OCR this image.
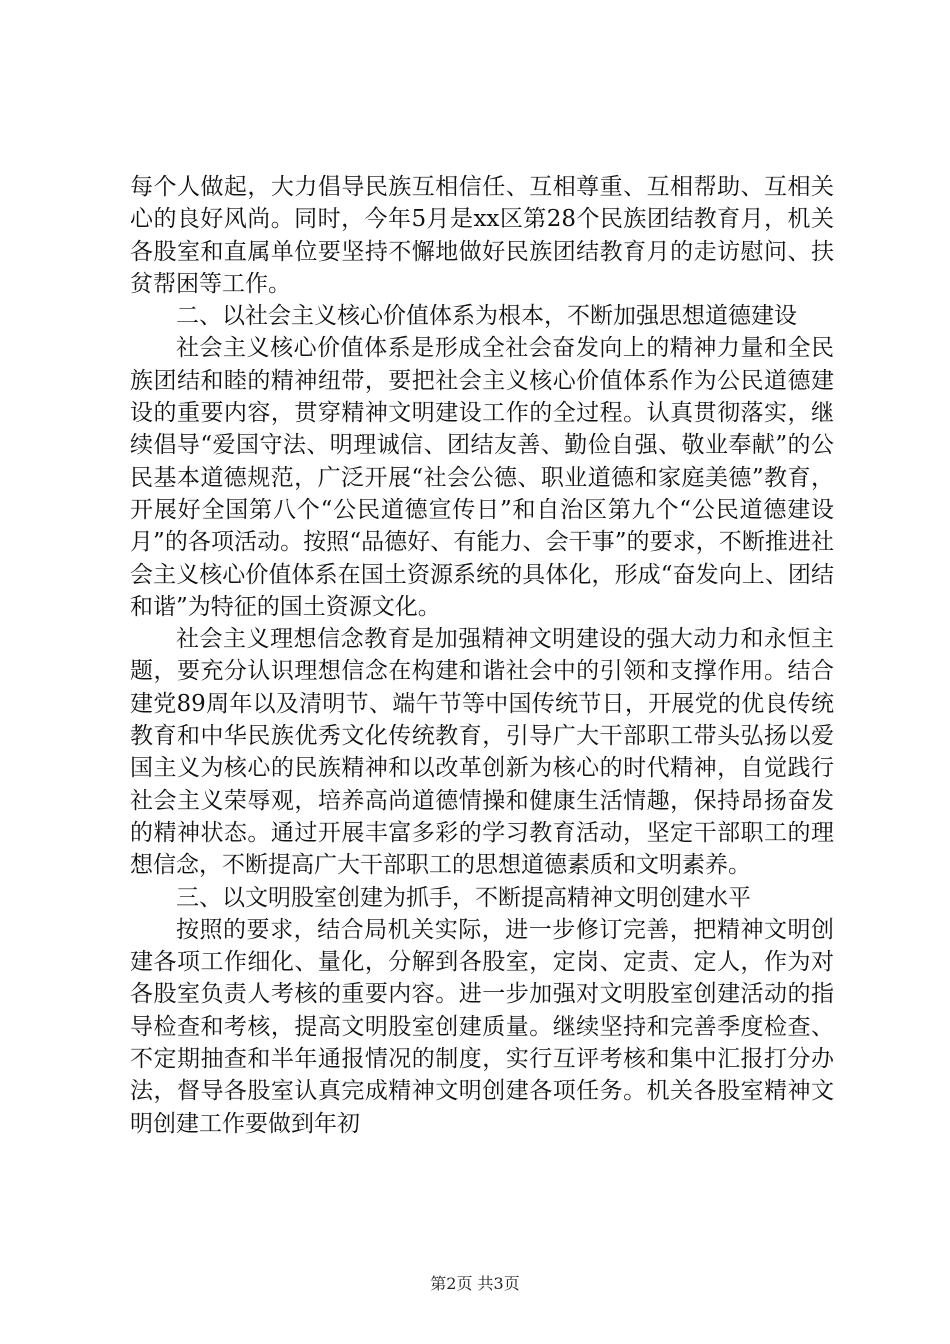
每个人做起，大力倡导民族互相信任、互相尊重、互相帮助、互相关心的良好风尚。同时，今年5月是xx区第28个民族团结教育月，机关各股室和直属单位要坚持不懈地做好民族团结教育月的走访慰问、扶贫帮困等工作。

二、以社会主义核心价值体系为根本，不断加强思想道德建设

社会主义核心价值体系是形成全社会奋发向上的精神力量和全民族团结和睦的精神纽带，要把社会主义核心价值体系作为公民道德建设的重要内容，贯穿精神文明建设工作的全过程。认真贯彻落实，继续倡导“爱国守法、明理诚信、团结友善、勤俭自强、敬业奉献”的公民基本道德规范，广泛开展“社会公德、职业道德和家庭美德”教育，开展好全国第八个“公民道德宣传日”和自治区第九个“公民道德建设月”的各项活动。按照“品德好、有能力、会干事”的要求，不断推进社会主义核心价值体系在国土资源系统的具体化，形成“奋发向上、团结和谐”为特征的国土资源文化。

社会主义理想信念教育是加强精神文明建设的强大动力和永恒主题，要充分认识理想信念在构建和谐社会中的引领和支撑作用。结合建党89周年以及清明节、端午节等中国传统节日，开展党的优良传统教育和中华民族优秀文化传统教育，引导广大干部职工带头弘扬以爱国主义为核心的民族精神和以改革创新为核心的时代精神，自觉践行社会主义荣辱观，培养高尚道德情操和健康生活情趣，保持昂扬奋发的精神状态。通过开展丰富多彩的学习教育活动，坚定干部职工的理想信念，不断提高广大干部职工的思想道德素质和文明素养。

三、以文明股室创建为抓手，不断提高精神文明创建水平

按照的要求，结合局机关实际，进一步修订完善，把精神文明创建各项工作细化、量化，分解到各股室，定岗、定责、定人，作为对各股室负责人考核的重要内容。进一步加强对文明股室创建活动的指导检查和考核，提高文明股室创建质量。继续坚持和完善季度检查、不定期抽查和半年通报情况的制度，实行互评考核和集中汇报打分办法，督导各股室认真完成精神文明创建各项任务。机关各股室精神文明创建工作要做到年初

第2页 共3页
